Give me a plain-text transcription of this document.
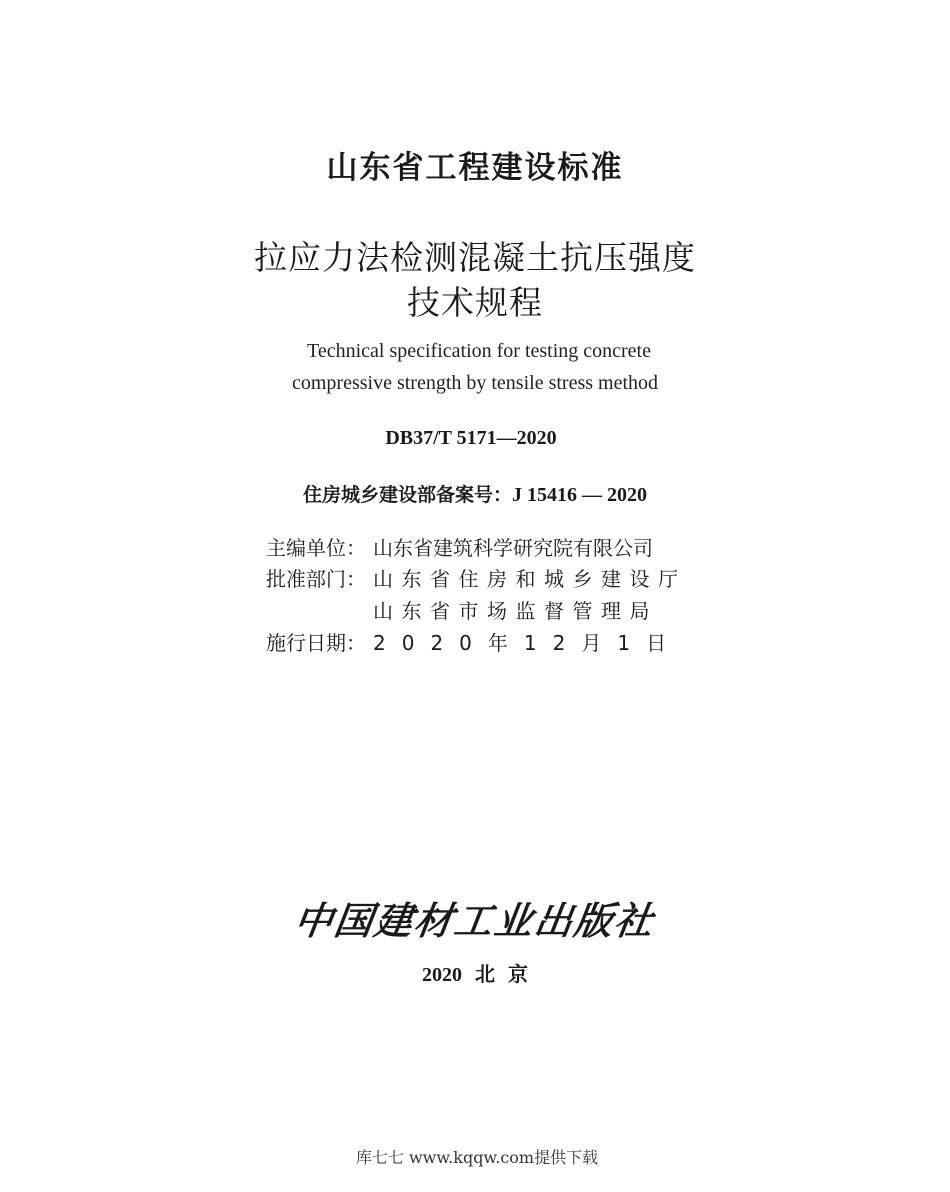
山东省工程建设标准
拉应力法检测混凝土抗压强度
技术规程
Technical specification for testing concrete
compressive strength by tensile stress method
DB37/T 5171—2020
住房城乡建设部备案号：J 15416 — 2020
主编单位： 山东省建筑科学研究院有限公司
批准部门： 山东省住房和城乡建设厅
山东省市场监督管理局
施行日期： 2020年12月1日
中国建材工业出版社
2020 北 京
库七七 www.kqqw.com提供下载
